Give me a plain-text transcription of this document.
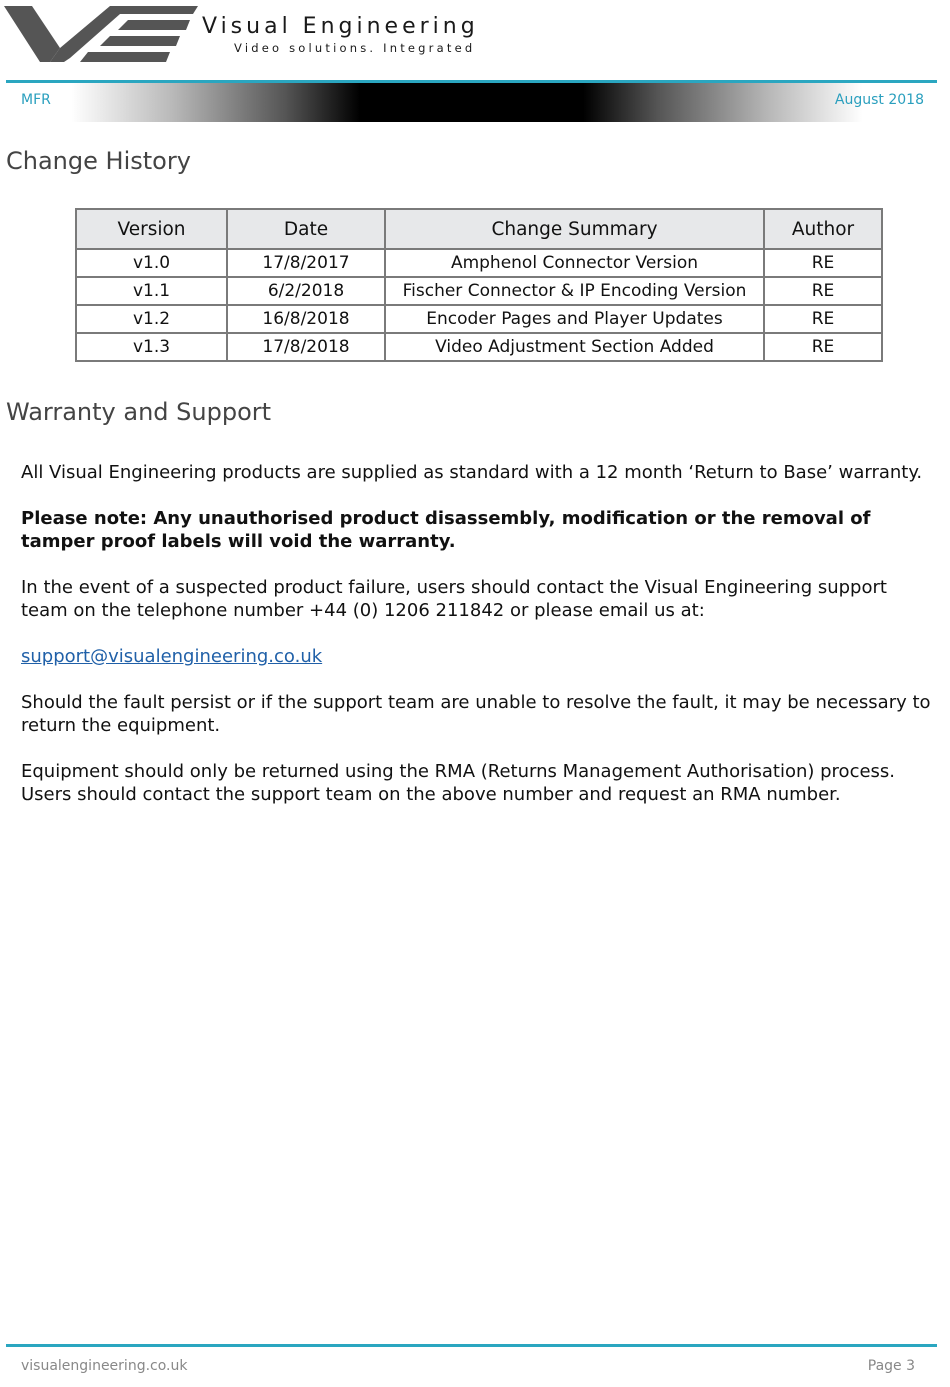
Visual Engineering
Video solutions. Integrated
MFR	August 2018
Change History
Version	Date	Change Summary	Author
v1.0	17/8/2017	Amphenol Connector Version	RE
v1.1	6/2/2018	Fischer Connector & IP Encoding Version	RE
v1.2	16/8/2018	Encoder Pages and Player Updates	RE
v1.3	17/8/2018	Video Adjustment Section Added	RE
Warranty and Support

All Visual Engineering products are supplied as standard with a 12 month ‘Return to Base’ warranty.

Please note: Any unauthorised product disassembly, modification or the removal of tamper proof labels will void the warranty.

In the event of a suspected product failure, users should contact the Visual Engineering support team on the telephone number +44 (0) 1206 211842 or please email us at:

support@visualengineering.co.uk

Should the fault persist or if the support team are unable to resolve the fault, it may be necessary to return the equipment.

Equipment should only be returned using the RMA (Returns Management Authorisation) process. Users should contact the support team on the above number and request an RMA number.

visualengineering.co.uk	Page 3
